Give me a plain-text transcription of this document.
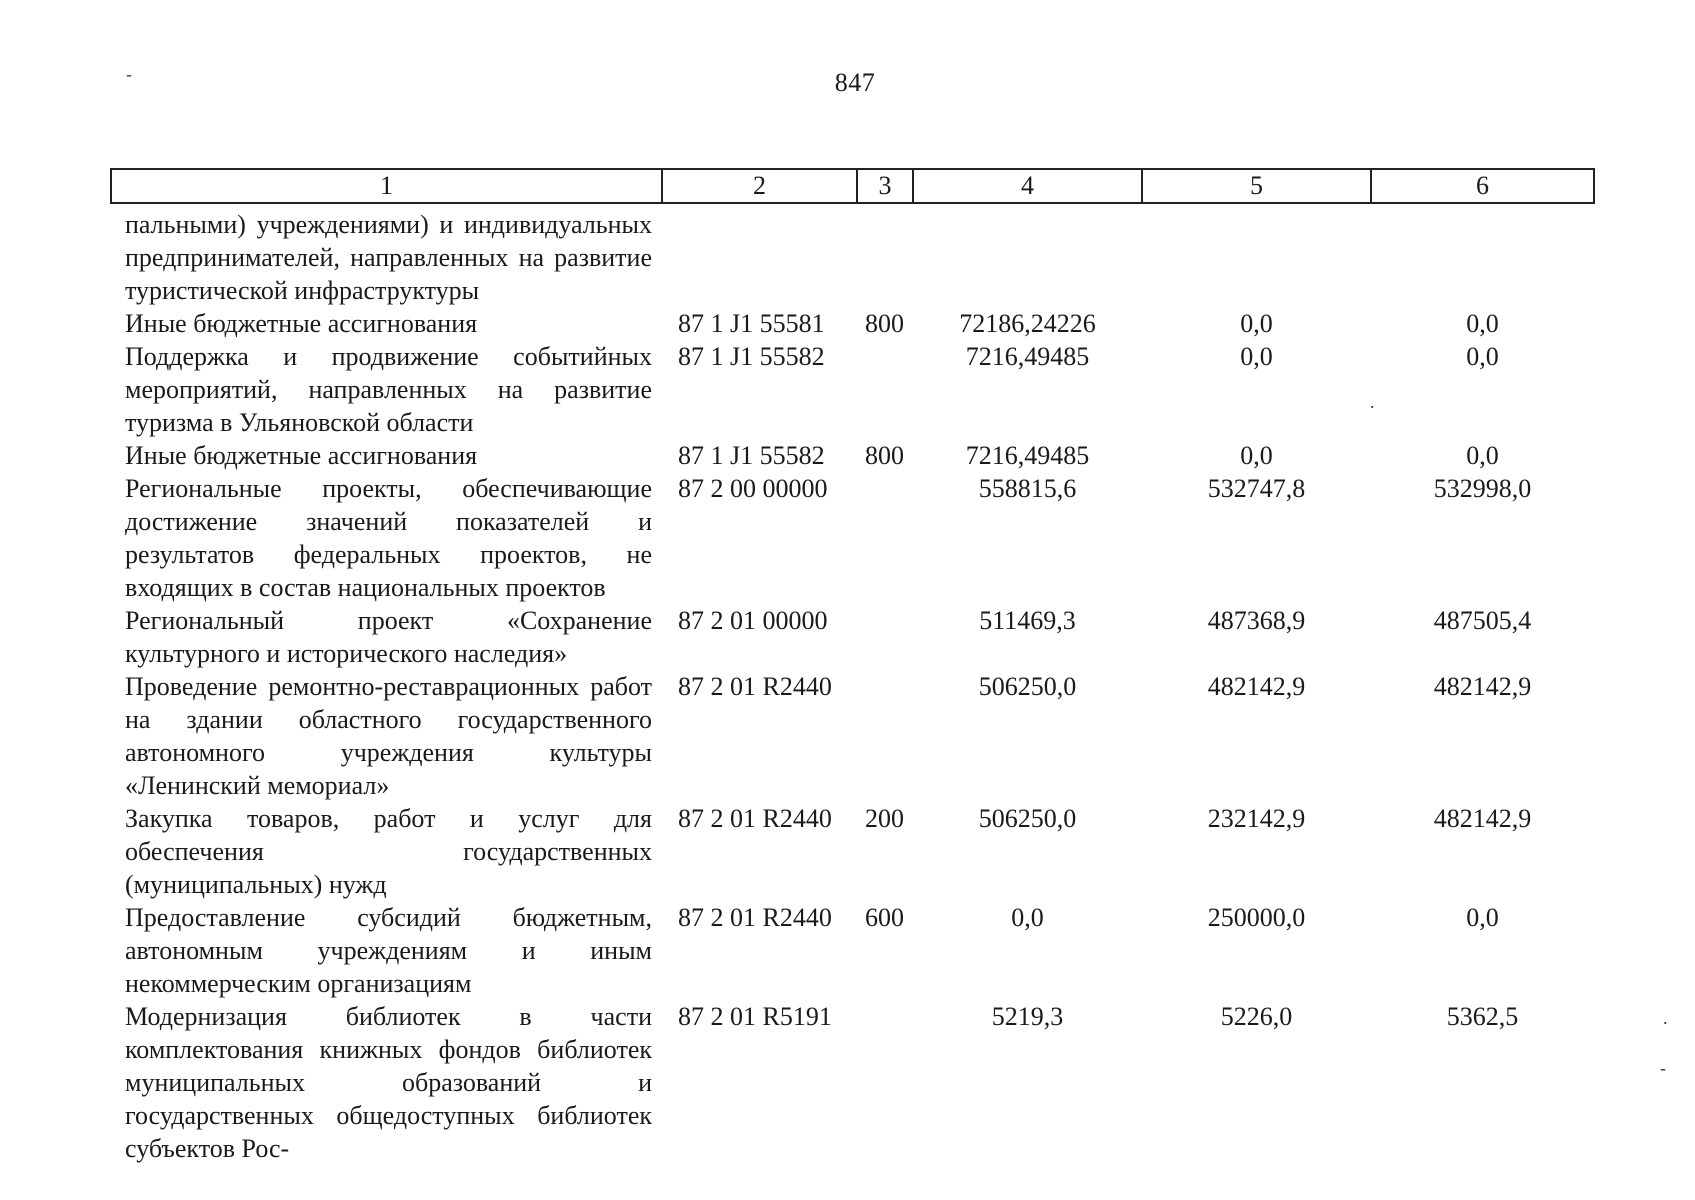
847
-
.
.
-
1	2	3	4	5	6
пальными) учреждениями) и индивидуальных предпринимателей, направленных на развитие туристической инфраструктуры					
Иные бюджетные ассигнования	87 1 J1 55581	800	72186,24226	0,0	0,0
Поддержка и продвижение событийных мероприятий, направленных на развитие туризма в Ульяновской области	87 1 J1 55582		7216,49485	0,0	0,0
Иные бюджетные ассигнования	87 1 J1 55582	800	7216,49485	0,0	0,0
Региональные проекты, обеспечивающие достижение значений показателей и результатов федеральных проектов, не входящих в состав национальных проектов	87 2 00 00000		558815,6	532747,8	532998,0
Региональный проект «Сохранение культурного и исторического наследия»	87 2 01 00000		511469,3	487368,9	487505,4
Проведение ремонтно-реставрационных работ на здании областного государственного автономного учреждения культуры «Ленинский мемориал»	87 2 01 R2440		506250,0	482142,9	482142,9
Закупка товаров, работ и услуг для обеспечения государственных (муниципальных) нужд	87 2 01 R2440	200	506250,0	232142,9	482142,9
Предоставление субсидий бюджетным, автономным учреждениям и иным некоммерческим организациям	87 2 01 R2440	600	0,0	250000,0	0,0
Модернизация библиотек в части комплектования книжных фондов библиотек муниципальных образований и государственных общедоступных библиотек субъектов Рос-	87 2 01 R5191		5219,3	5226,0	5362,5
